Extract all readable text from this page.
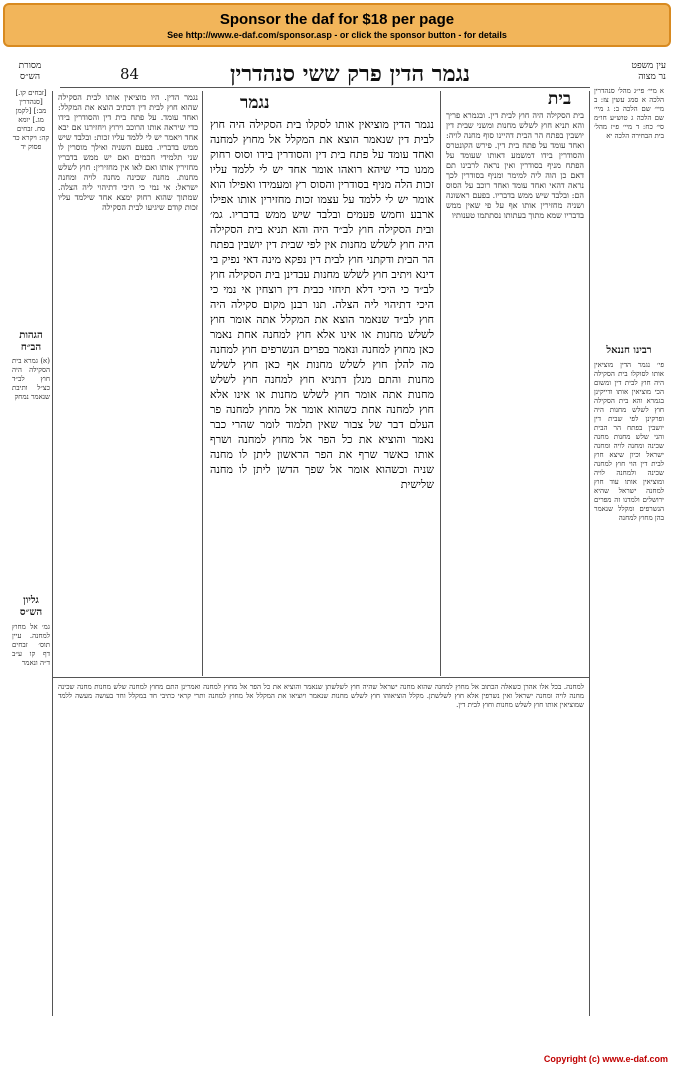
Sponsor the daf for $18 per page
See http://www.e-daf.com/sponsor.asp - or click the sponsor button - for details
84	נגמר הדין פרק ששי סנהדרין	עין משפט
נר מצוה
מסורת
הש״ס
נגמר הדין. היו מוציאין אותו לבית הסקילה שהוא חוץ לבית דין דכתיב הוצא את המקלל: ואחד עומד. על פתח בית דין והסודרין בידו כדי שיראה אותו הרוכב וירוץ ויחזירנו אם יבא אחד ויאמר יש לי ללמד עליו זכות: ובלבד שיש ממש בדבריו. בפעם השניה ואילך מוסרין לו שני תלמידי חכמים ואם יש ממש בדבריו מחזירין אותו ואם לאו אין מחזירין: חוץ לשלש מחנות. מחנה שכינה מחנה לויה ומחנה ישראל: אי נמי כי היכי דתיהוי ליה הצלה. שמתוך שהוא רחוק ימצא אחד שילמד עליו זכות קודם שיגיעו לבית הסקילה
נגמר
נגמר הדין מוציאין אותו לסקלו בית הסקילה היה חוץ לבית דין שנאמר הוצא את המקלל אל מחוץ למחנה ואחד עומד על פתח בית דין והסודרין בידו וסוס רחוק ממנו כדי שיהא רואהו אומר אחד יש לי ללמד עליו זכות הלה מניף בסודרין והסוס רץ ומעמידו ואפילו הוא אומר יש לי ללמד על עצמו זכות מחזירין אותו אפילו ארבע וחמש פעמים ובלבד שיש ממש בדבריו. גמ׳ ובית הסקילה חוץ לב״ד היה והא תניא בית הסקילה היה חוץ לשלש מחנות אין לפי שבית דין יושבין בפתח הר הבית ודקתני חוץ לבית דין נפקא מינה דאי נפיק בי דינא ויתיב חוץ לשלש מחנות עבדינן בית הסקילה חוץ לב״ד כי היכי דלא תיחזי כבית דין רוצחין אי נמי כי היכי דתיהוי ליה הצלה. תנו רבנן מקום סקילה היה חוץ לב״ד שנאמר הוצא את המקלל אתה אומר חוץ לשלש מחנות או אינו אלא חוץ למחנה אחת נאמר כאן מחוץ למחנה ונאמר בפרים הנשרפים חוץ למחנה מה להלן חוץ לשלש מחנות אף כאן חוץ לשלש מחנות והתם מנלן דתניא חוץ למחנה חוץ לשלש מחנות אתה אומר חוץ לשלש מחנות או אינו אלא חוץ למחנה אחת כשהוא אומר אל מחוץ למחנה פר העלם דבר של צבור שאין תלמוד לומר שהרי כבר נאמר והוציא את כל הפר אל מחוץ למחנה ושרף אותו כאשר שרף את הפר הראשון ליתן לו מחנה שניה וכשהוא אומר אל שפך הדשן ליתן לו מחנה שלישית
בית
בית הסקילה היה חוץ לבית דין. ובגמרא פריך והא תניא חוץ לשלש מחנות ומשני שבית דין יושבין בפתח הר הבית דהיינו סוף מחנה לויה: ואחד עומד על פתח בית דין. פירש הקונטרס והסודרין בידו דמשמע דאותו שעומד על הפתח מניף בסודרין ואין נראה לרבינו תם דאם כן הוה ליה למימר ומניף בסודרין לכך נראה דהאי ואחד עומד ואחד רוכב על הסוס הם: ובלבד שיש ממש בדבריו. בפעם ראשונה ושניה מחזירין אותו אף על פי שאין ממש בדבריו שמא מתוך בעתותו נסתתמו טענותיו
א מיי׳ פי״ג מהל׳ סנהדרין הלכה א סמג עשין צז: ב מיי׳ שם הלכה ב: ג מיי׳ שם הלכה ג טוש״ע חו״מ סי׳ כח: ד מיי׳ פ״ז מהל׳ בית הבחירה הלכה יא
רבינו חננאל
פי׳ נגמר הדין מוציאין אותו לסוקלו בית הסקילה היה חוץ לבית דין ומשום הכי מוציאין אותו ודייקינן בגמרא והא בית הסקילה חוץ לשלש מחנות היה ופרקינן לפי שבית דין יושבין בפתח הר הבית והני שלש מחנות מחנה שכינה ומחנה לויה ומחנה ישראל וכיון שיצא חוץ לבית דין הוי חוץ למחנה שכינה ולמחנה לויה ומוציאין אותו עוד חוץ למחנה ישראל שהיא ירושלים ולמדנו זה מפרים הנשרפים ומקלל שנאמר בהן מחוץ למחנה
[זבחים קו.] [סנהדרין מב:] [לקמן מג.] יומא סח. זבחים קה: ויקרא כד פסוק יד
הגהות
הב״ח
(א) גמרא בית הסקילה היה חוץ לב״ד כצ״ל ותיבת שנאמר נמחק
גליון
הש״ס
גמ׳ אל מחוץ למחנה. עיין תוס׳ זבחים דף קו ע״ב ד״ה ונאמר
למחנה. בכל אלו אהרן כשאלה הכתוב אל מחוץ למחנה שהוא מחנה ישראל שהיה חוץ לשלשתן שנאמר והוציא את כל הפר אל מחוץ למחנה ואמרינן התם מחוץ למחנה שלש מחנות מחנה שכינה מחנה לויה ומחנה ישראל ואין נשרפין אלא חוץ לשלשתן. מקלל הוציאוהו חוץ לשלש מחנות שנאמר ויוציאו את המקלל אל מחוץ למחנה ותרי קראי כתיבי חד במקלל וחד בעושה מעשה ללמד שמוציאין אותו חוץ לשלש מחנות וחוץ לבית דין.
Copyright (c) www.e-daf.com
